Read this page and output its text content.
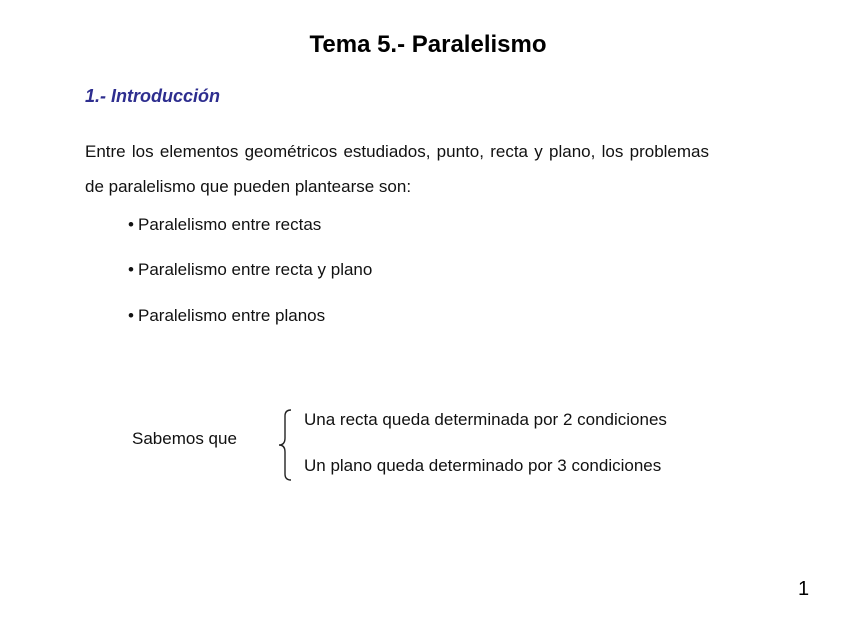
Tema 5.- Paralelismo
1.- Introducción

Entre los elementos geométricos estudiados, punto, recta y plano, los problemas de paralelismo que pueden plantearse son:

• Paralelismo entre rectas
• Paralelismo entre recta y plano
• Paralelismo entre planos
Sabemos que
Una recta queda determinada por 2 condiciones
Un plano queda determinado por 3 condiciones
1
